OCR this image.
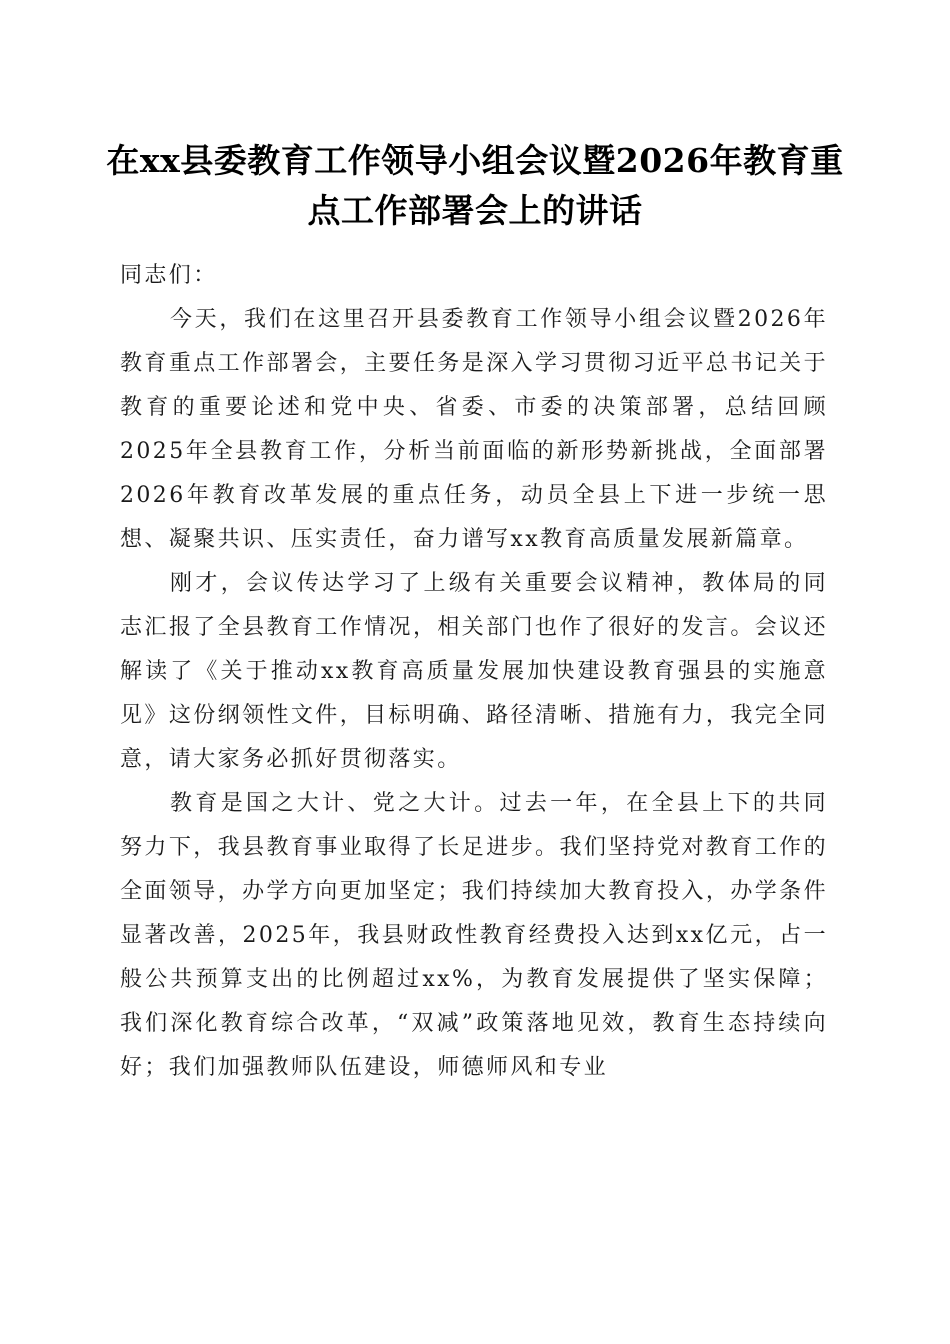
在xx县委教育工作领导小组会议暨2026年教育重点工作部署会上的讲话

同志们：

今天，我们在这里召开县委教育工作领导小组会议暨2026年教育重点工作部署会，主要任务是深入学习贯彻习近平总书记关于教育的重要论述和党中央、省委、市委的决策部署，总结回顾2025年全县教育工作，分析当前面临的新形势新挑战，全面部署2026年教育改革发展的重点任务，动员全县上下进一步统一思想、凝聚共识、压实责任，奋力谱写xx教育高质量发展新篇章。

刚才，会议传达学习了上级有关重要会议精神，教体局的同志汇报了全县教育工作情况，相关部门也作了很好的发言。会议还解读了《关于推动xx教育高质量发展加快建设教育强县的实施意见》这份纲领性文件，目标明确、路径清晰、措施有力，我完全同意，请大家务必抓好贯彻落实。

教育是国之大计、党之大计。过去一年，在全县上下的共同努力下，我县教育事业取得了长足进步。我们坚持党对教育工作的全面领导，办学方向更加坚定；我们持续加大教育投入，办学条件显著改善，2025年，我县财政性教育经费投入达到xx亿元，占一般公共预算支出的比例超过xx%，为教育发展提供了坚实保障；我们深化教育综合改革，“双减”政策落地见效，教育生态持续向好；我们加强教师队伍建设，师德师风和专业
